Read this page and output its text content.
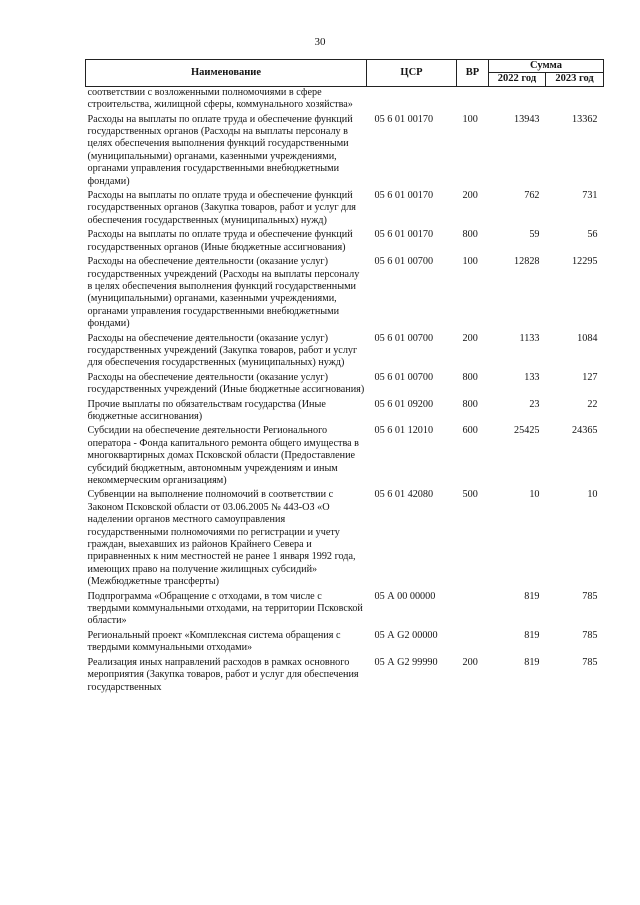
30
Наименование	ЦСР	ВР	Сумма	
			2022 год	2023 год
соответствии с возложенными полномочиями в сфере строительства, жилищной сферы, коммунального хозяйства»				
Расходы на выплаты по оплате труда и обеспечение функций государственных органов (Расходы на выплаты персоналу в целях обеспечения выполнения функций государственными (муниципальными) органами, казенными учреждениями, органами управления государственными внебюджетными фондами)	05 6 01 00170	100	13943	13362
Расходы на выплаты по оплате труда и обеспечение функций государственных органов (Закупка товаров, работ и услуг для обеспечения государственных (муниципальных) нужд)	05 6 01 00170	200	762	731
Расходы на выплаты по оплате труда и обеспечение функций государственных органов (Иные бюджетные ассигнования)	05 6 01 00170	800	59	56
Расходы на обеспечение деятельности (оказание услуг) государственных учреждений (Расходы на выплаты персоналу в целях обеспечения выполнения функций государственными (муниципальными) органами, казенными учреждениями, органами управления государственными внебюджетными фондами)	05 6 01 00700	100	12828	12295
Расходы на обеспечение деятельности (оказание услуг) государственных учреждений (Закупка товаров, работ и услуг для обеспечения государственных (муниципальных) нужд)	05 6 01 00700	200	1133	1084
Расходы на обеспечение деятельности (оказание услуг) государственных учреждений (Иные бюджетные ассигнования)	05 6 01 00700	800	133	127
Прочие выплаты по обязательствам государства (Иные бюджетные ассигнования)	05 6 01 09200	800	23	22
Субсидии на обеспечение деятельности Регионального оператора - Фонда капитального ремонта общего имущества в многоквартирных домах Псковской области (Предоставление субсидий бюджетным, автономным учреждениям и иным некоммерческим организациям)	05 6 01 12010	600	25425	24365
Субвенции на выполнение полномочий в соответствии с Законом Псковской области от 03.06.2005 № 443-ОЗ «О наделении органов местного самоуправления государственными полномочиями по регистрации и учету граждан, выехавших из районов Крайнего Севера и приравненных к ним местностей не ранее 1 января 1992 года, имеющих право на получение жилищных субсидий» (Межбюджетные трансферты)	05 6 01 42080	500	10	10
Подпрограмма «Обращение с отходами, в том числе с твердыми коммунальными отходами, на территории Псковской области»	05 А 00 00000		819	785
Региональный проект «Комплексная система обращения с твердыми коммунальными отходами»	05 А G2 00000		819	785
Реализация иных направлений расходов в рамках основного мероприятия (Закупка товаров, работ и услуг для обеспечения государственных	05 А G2 99990	200	819	785
